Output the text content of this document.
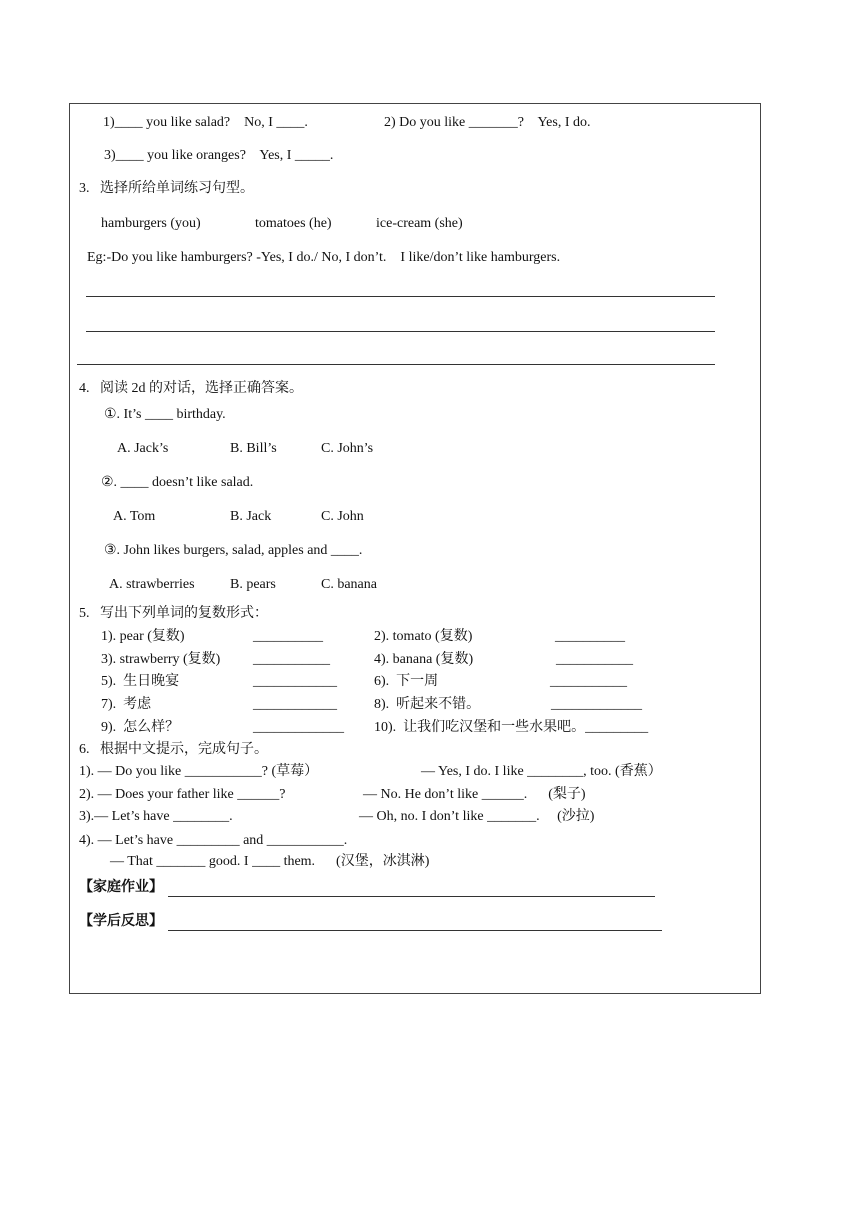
1)____ you like salad?    No, I ____.	2) Do you like _______?    Yes, I do.
3)____ you like oranges?    Yes, I _____.
3.   选择所给单词练习句型。
hamburgers (you)	tomatoes (he)	ice-cream (she)
Eg:-Do you like hamburgers? -Yes, I do./ No, I don’t.    I like/don’t like hamburgers.
4.   阅读 2d 的对话，选择正确答案。
①. It’s ____ birthday.
A. Jack’s	B. Bill’s	C. John’s
②. ____ doesn’t like salad.
A. Tom	B. Jack	C. John
③. John likes burgers, salad, apples and ____.
A. strawberries	B. pears	C. banana
5.   写出下列单词的复数形式：
1). pear (复数)	__________	2). tomato (复数)	__________
3). strawberry (复数) ___________	4). banana (复数)	___________
5).  生日晚宴	____________	6).  下一周	___________
7).  考虑	____________	8).  听起来不错。	_____________
9).  怎么样？	_____________ 10).  让我们吃汉堡和一些水果吧。_________
6.   根据中文提示，完成句子。
1). — Do you like ___________? (草莓）	— Yes, I do. I like ________, too. (香蕉）
2). — Does your father like ______?	— No. He don’t like ______.      (梨子)
3).— Let’s have ________.	— Oh, no. I don’t like _______.     (沙拉)
4). — Let’s have _________ and ___________.
— That _______ good. I ____ them.      (汉堡，冰淇淋)
【家庭作业】
【学后反思】
